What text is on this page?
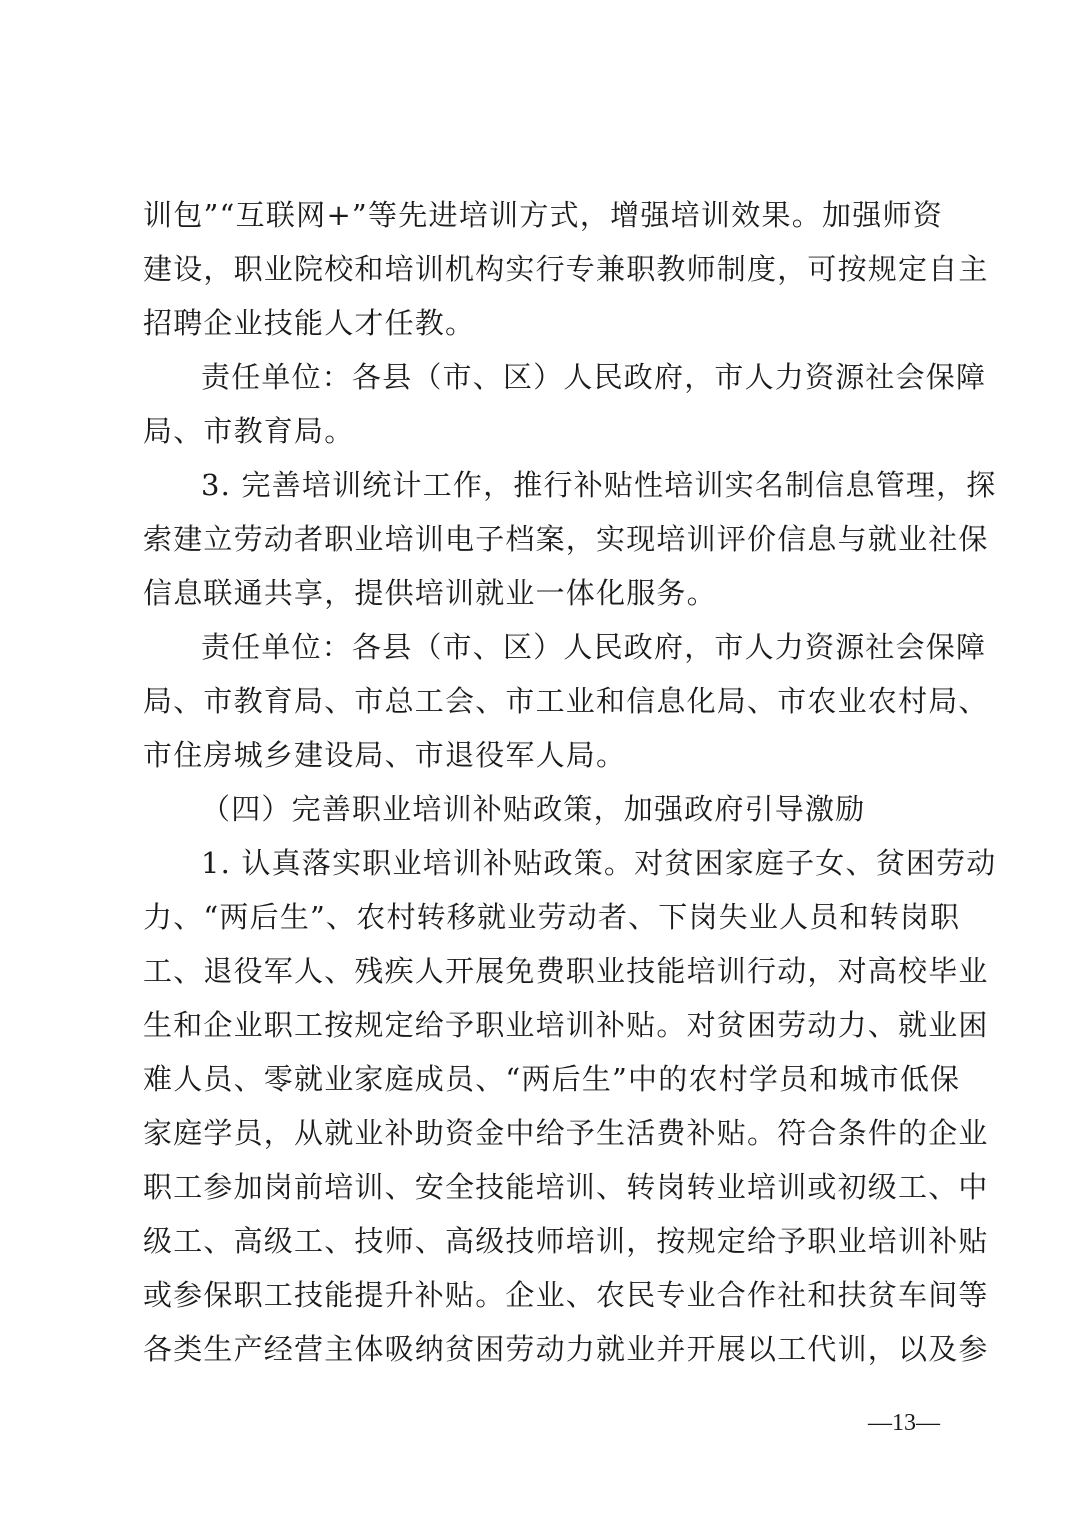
训包”“互联网+”等先进培训方式，增强培训效果。加强师资
建设，职业院校和培训机构实行专兼职教师制度，可按规定自主
招聘企业技能人才任教。
责任单位：各县（市、区）人民政府，市人力资源社会保障
局、市教育局。
3. 完善培训统计工作，推行补贴性培训实名制信息管理，探
索建立劳动者职业培训电子档案，实现培训评价信息与就业社保
信息联通共享，提供培训就业一体化服务。
责任单位：各县（市、区）人民政府，市人力资源社会保障
局、市教育局、市总工会、市工业和信息化局、市农业农村局、
市住房城乡建设局、市退役军人局。
（四）完善职业培训补贴政策，加强政府引导激励
1. 认真落实职业培训补贴政策。对贫困家庭子女、贫困劳动
力、“两后生”、农村转移就业劳动者、下岗失业人员和转岗职
工、退役军人、残疾人开展免费职业技能培训行动，对高校毕业
生和企业职工按规定给予职业培训补贴。对贫困劳动力、就业困
难人员、零就业家庭成员、“两后生”中的农村学员和城市低保
家庭学员，从就业补助资金中给予生活费补贴。符合条件的企业
职工参加岗前培训、安全技能培训、转岗转业培训或初级工、中
级工、高级工、技师、高级技师培训，按规定给予职业培训补贴
或参保职工技能提升补贴。企业、农民专业合作社和扶贫车间等
各类生产经营主体吸纳贫困劳动力就业并开展以工代训，以及参
—13—
